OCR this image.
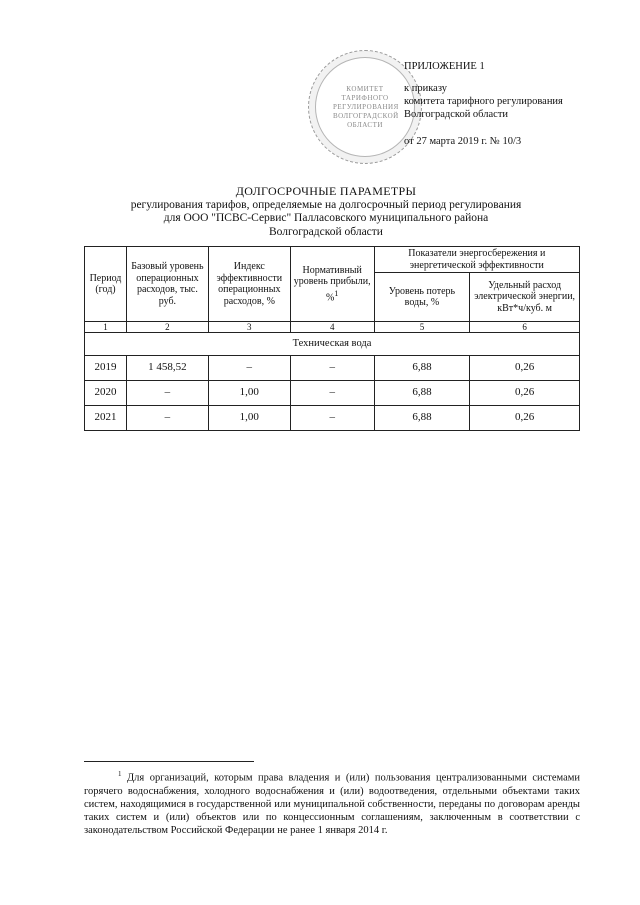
КОМИТЕТ
ТАРИФНОГО
РЕГУЛИРОВАНИЯ
ВОЛГОГРАДСКОЙ
ОБЛАСТИ
ПРИЛОЖЕНИЕ 1
к приказу
комитета тарифного регулирования
Волгоградской области
от 27 марта 2019 г. № 10/3
ДОЛГОСРОЧНЫЕ ПАРАМЕТРЫ
регулирования тарифов, определяемые на долгосрочный период регулирования
для ООО "ПСВС-Сервис" Палласовского муниципального района
Волгоградской области
Период (год)	Базовый уровень операционных расходов, тыс. руб.	Индекс эффективности операционных расходов, %	Нормативный уровень прибыли, %$^1$	Показатели энергосбережения и энергетической эффективности	
				Уровень потерь воды, %	Удельный расход электрической энергии, кВт*ч/куб. м
1	2	3	4	5	6
Техническая вода					
2019	1 458,52	–	–	6,88	0,26
2020	–	1,00	–	6,88	0,26
2021	–	1,00	–	6,88	0,26
$^1$ Для организаций, которым права владения и (или) пользования централизованными системами горячего водоснабжения, холодного водоснабжения и (или) водоотведения, отдельными объектами таких систем, находящимися в государственной или муниципальной собственности, переданы по договорам аренды таких систем и (или) объектов или по концессионным соглашениям, заключенным в соответствии с законодательством Российской Федерации не ранее 1 января 2014 г.
